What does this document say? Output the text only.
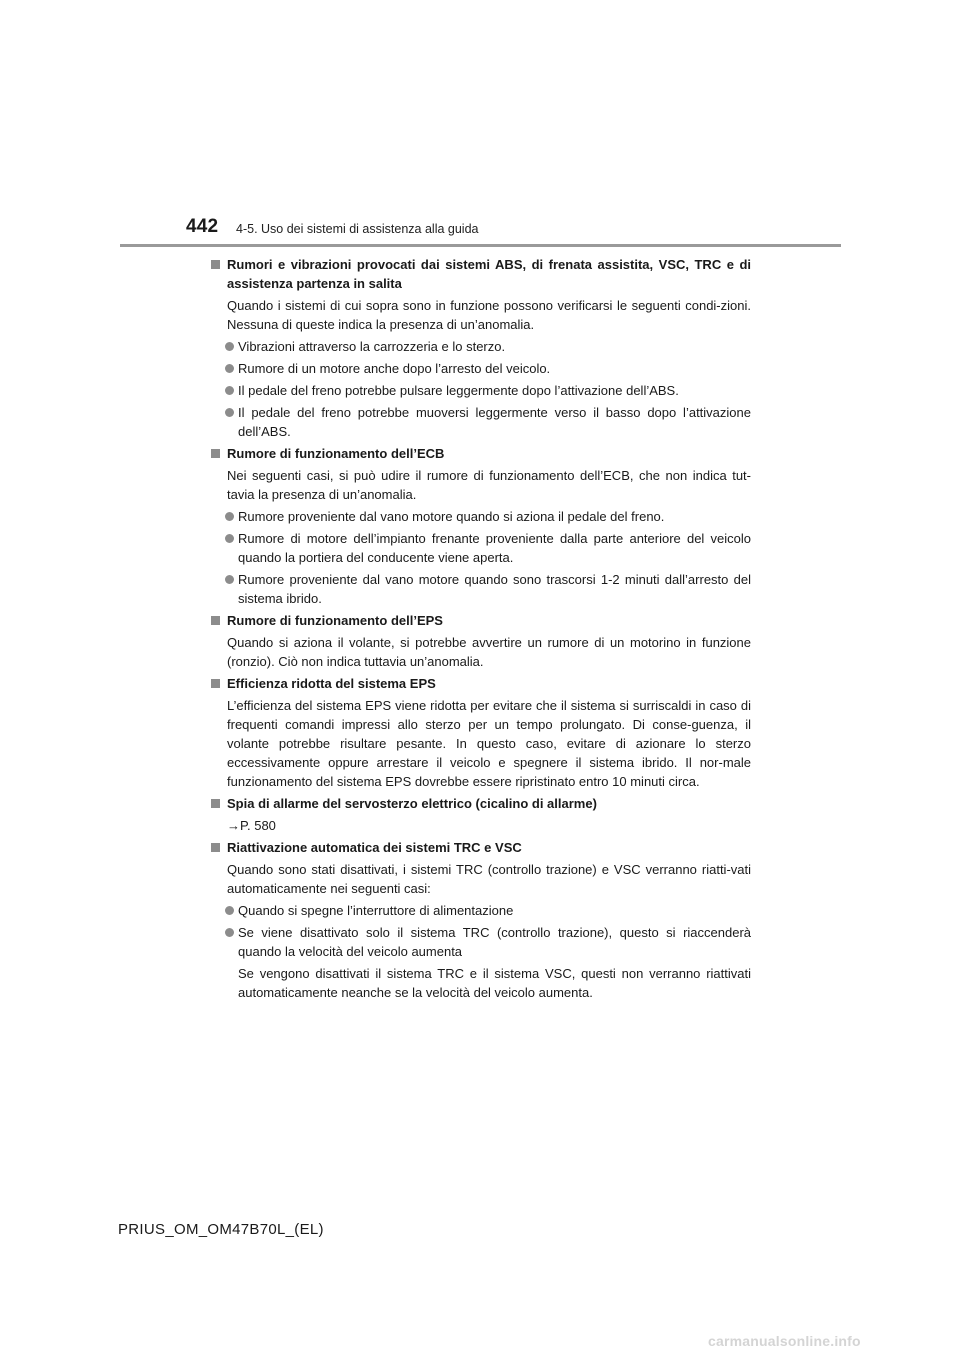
442 4-5. Uso dei sistemi di assistenza alla guida
Rumori e vibrazioni provocati dai sistemi ABS, di frenata assistita, VSC, TRC e di assistenza partenza in salita
Quando i sistemi di cui sopra sono in funzione possono verificarsi le seguenti condi-zioni. Nessuna di queste indica la presenza di un’anomalia.
Vibrazioni attraverso la carrozzeria e lo sterzo.
Rumore di un motore anche dopo l’arresto del veicolo.
Il pedale del freno potrebbe pulsare leggermente dopo l’attivazione dell’ABS.
Il pedale del freno potrebbe muoversi leggermente verso il basso dopo l’attivazione dell’ABS.
Rumore di funzionamento dell’ECB
Nei seguenti casi, si può udire il rumore di funzionamento dell’ECB, che non indica tut-tavia la presenza di un’anomalia.
Rumore proveniente dal vano motore quando si aziona il pedale del freno.
Rumore di motore dell’impianto frenante proveniente dalla parte anteriore del veicolo quando la portiera del conducente viene aperta.
Rumore proveniente dal vano motore quando sono trascorsi 1-2 minuti dall’arresto del sistema ibrido.
Rumore di funzionamento dell’EPS
Quando si aziona il volante, si potrebbe avvertire un rumore di un motorino in funzione (ronzio). Ciò non indica tuttavia un’anomalia.
Efficienza ridotta del sistema EPS
L’efficienza del sistema EPS viene ridotta per evitare che il sistema si surriscaldi in caso di frequenti comandi impressi allo sterzo per un tempo prolungato. Di conse-guenza, il volante potrebbe risultare pesante. In questo caso, evitare di azionare lo sterzo eccessivamente oppure arrestare il veicolo e spegnere il sistema ibrido. Il nor-male funzionamento del sistema EPS dovrebbe essere ripristinato entro 10 minuti circa.
Spia di allarme del servosterzo elettrico (cicalino di allarme)
→P. 580
Riattivazione automatica dei sistemi TRC e VSC
Quando sono stati disattivati, i sistemi TRC (controllo trazione) e VSC verranno riatti-vati automaticamente nei seguenti casi:
Quando si spegne l’interruttore di alimentazione
Se viene disattivato solo il sistema TRC (controllo trazione), questo si riaccenderà quando la velocità del veicolo aumenta
Se vengono disattivati il sistema TRC e il sistema VSC, questi non verranno riattivati automaticamente neanche se la velocità del veicolo aumenta.
PRIUS_OM_OM47B70L_(EL)
carmanualsonline.info
